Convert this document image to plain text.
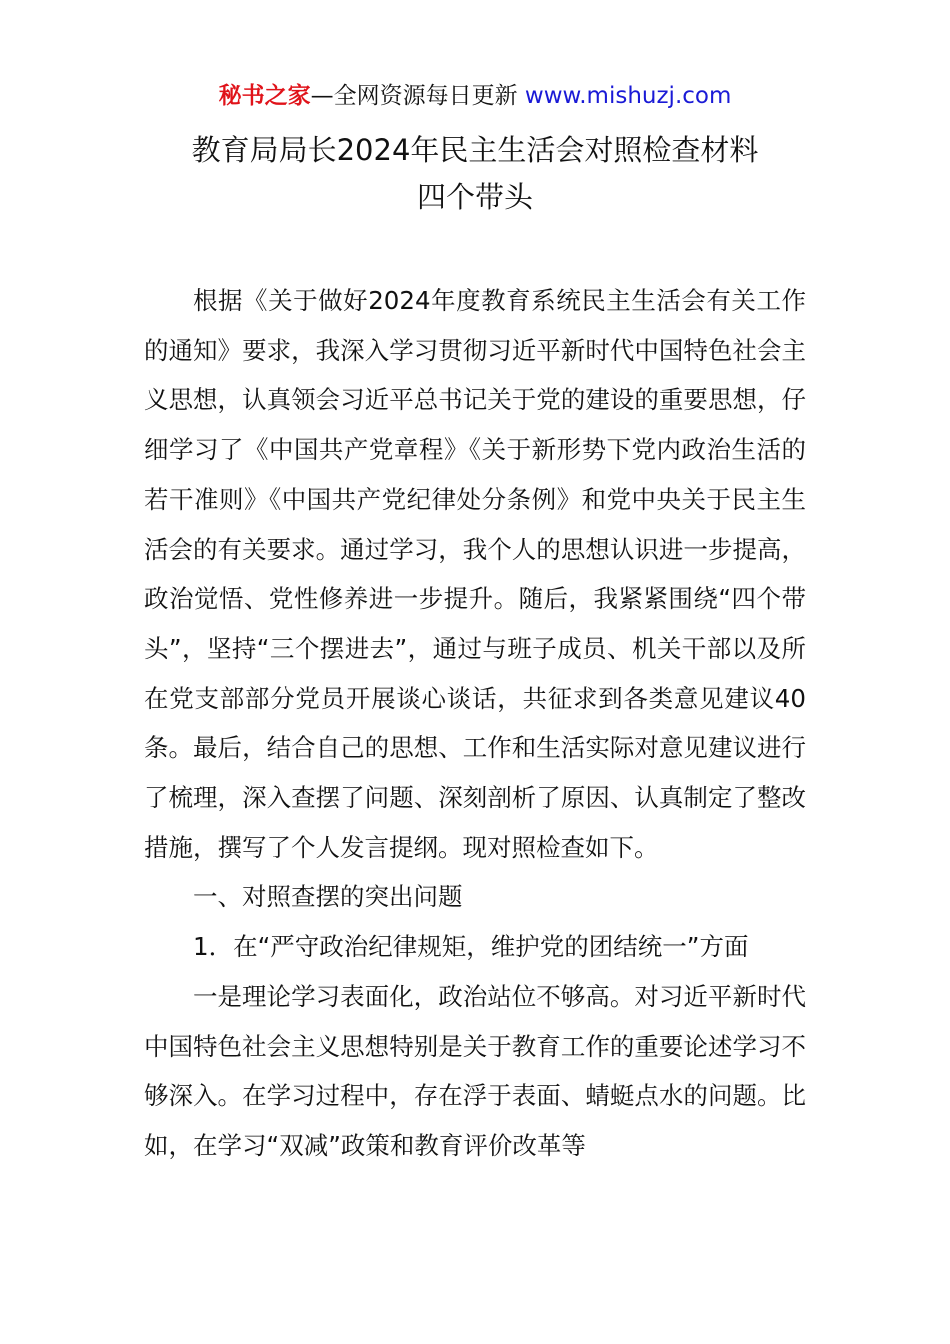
秘书之家—全网资源每日更新 www.mishuzj.com
教育局局长2024年民主生活会对照检查材料
四个带头

根据《关于做好2024年度教育系统民主生活会有关工作的通知》要求，我深入学习贯彻习近平新时代中国特色社会主义思想，认真领会习近平总书记关于党的建设的重要思想，仔细学习了《中国共产党章程》《关于新形势下党内政治生活的若干准则》《中国共产党纪律处分条例》和党中央关于民主生活会的有关要求。通过学习，我个人的思想认识进一步提高，政治觉悟、党性修养进一步提升。随后，我紧紧围绕“四个带头”，坚持“三个摆进去”，通过与班子成员、机关干部以及所在党支部部分党员开展谈心谈话，共征求到各类意见建议40条。最后，结合自己的思想、工作和生活实际对意见建议进行了梳理，深入查摆了问题、深刻剖析了原因、认真制定了整改措施，撰写了个人发言提纲。现对照检查如下。

一、对照查摆的突出问题

1．在“严守政治纪律规矩，维护党的团结统一”方面

一是理论学习表面化，政治站位不够高。对习近平新时代中国特色社会主义思想特别是关于教育工作的重要论述学习不够深入。在学习过程中，存在浮于表面、蜻蜓点水的问题。比如，在学习“双减”政策和教育评价改革等
